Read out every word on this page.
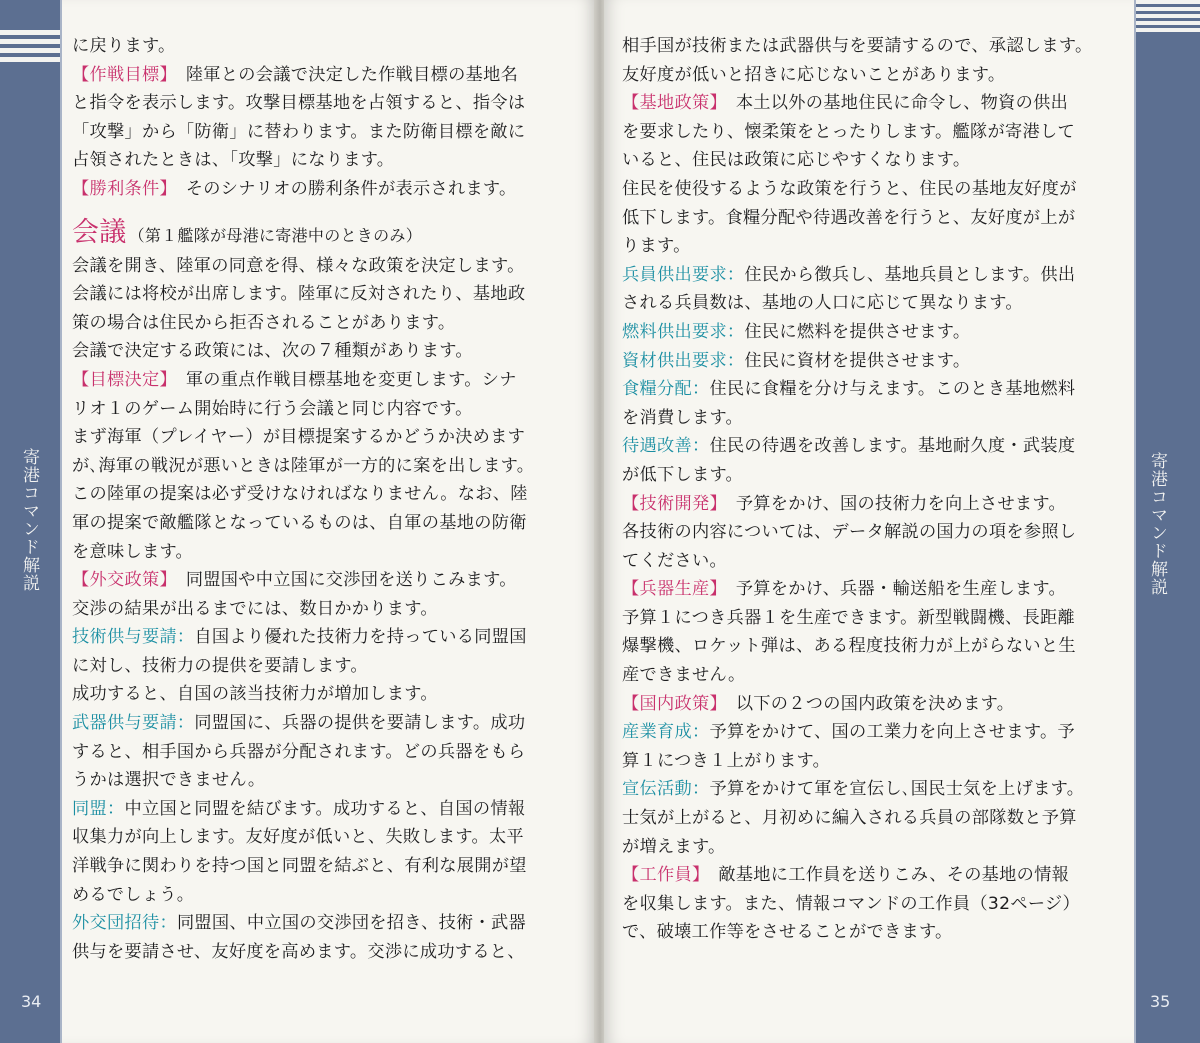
寄港コマンド解説
34

に戻ります。

【作戦目標】　陸軍との会議で決定した作戦目標の基地名

と指令を表示します。攻撃目標基地を占領すると、指令は

「攻撃」から「防衛」に替わります。また防衛目標を敵に

占領されたときは、「攻撃」になります。

【勝利条件】　そのシナリオの勝利条件が表示されます。

会議 （第１艦隊が母港に寄港中のときのみ）

会議を開き、陸軍の同意を得、様々な政策を決定します。

会議には将校が出席します。陸軍に反対されたり、基地政

策の場合は住民から拒否されることがあります。

会議で決定する政策には、次の７種類があります。

【目標決定】　軍の重点作戦目標基地を変更します。シナ

リオ１のゲーム開始時に行う会議と同じ内容です。

まず海軍（プレイヤー）が目標提案するかどうか決めます

が､海軍の戦況が悪いときは陸軍が一方的に案を出します。

この陸軍の提案は必ず受けなければなりません。なお、陸

軍の提案で敵艦隊となっているものは、自軍の基地の防衛

を意味します。

【外交政策】　同盟国や中立国に交渉団を送りこみます。

交渉の結果が出るまでには、数日かかります。

技術供与要請：自国より優れた技術力を持っている同盟国

に対し、技術力の提供を要請します。

成功すると、自国の該当技術力が増加します。

武器供与要請：同盟国に、兵器の提供を要請します。成功

すると、相手国から兵器が分配されます。どの兵器をもら

うかは選択できません。

同盟：中立国と同盟を結びます。成功すると、自国の情報

収集力が向上します。友好度が低いと、失敗します。太平

洋戦争に関わりを持つ国と同盟を結ぶと、有利な展開が望

めるでしょう。

外交団招待：同盟国、中立国の交渉団を招き、技術・武器

供与を要請させ、友好度を高めます。交渉に成功すると、

寄港コマンド解説
35

相手国が技術または武器供与を要請するので、承認します。

友好度が低いと招きに応じないことがあります。

【基地政策】　本土以外の基地住民に命令し、物資の供出

を要求したり、懐柔策をとったりします。艦隊が寄港して

いると、住民は政策に応じやすくなります。

住民を使役するような政策を行うと、住民の基地友好度が

低下します。食糧分配や待遇改善を行うと、友好度が上が

ります。

兵員供出要求：住民から徴兵し、基地兵員とします。供出

される兵員数は、基地の人口に応じて異なります。

燃料供出要求：住民に燃料を提供させます。

資材供出要求：住民に資材を提供させます。

食糧分配：住民に食糧を分け与えます。このとき基地燃料

を消費します。

待遇改善：住民の待遇を改善します。基地耐久度・武装度

が低下します。

【技術開発】　予算をかけ、国の技術力を向上させます。

各技術の内容については、データ解説の国力の項を参照し

てください。

【兵器生産】　予算をかけ、兵器・輸送船を生産します。

予算１につき兵器１を生産できます。新型戦闘機、長距離

爆撃機、ロケット弾は、ある程度技術力が上がらないと生

産できません。

【国内政策】　以下の２つの国内政策を決めます。

産業育成：予算をかけて、国の工業力を向上させます。予

算１につき１上がります。

宣伝活動：予算をかけて軍を宣伝し､国民士気を上げます。

士気が上がると、月初めに編入される兵員の部隊数と予算

が増えます。

【工作員】　敵基地に工作員を送りこみ、その基地の情報

を収集します。また、情報コマンドの工作員（32ページ）

で、破壊工作等をさせることができます。
